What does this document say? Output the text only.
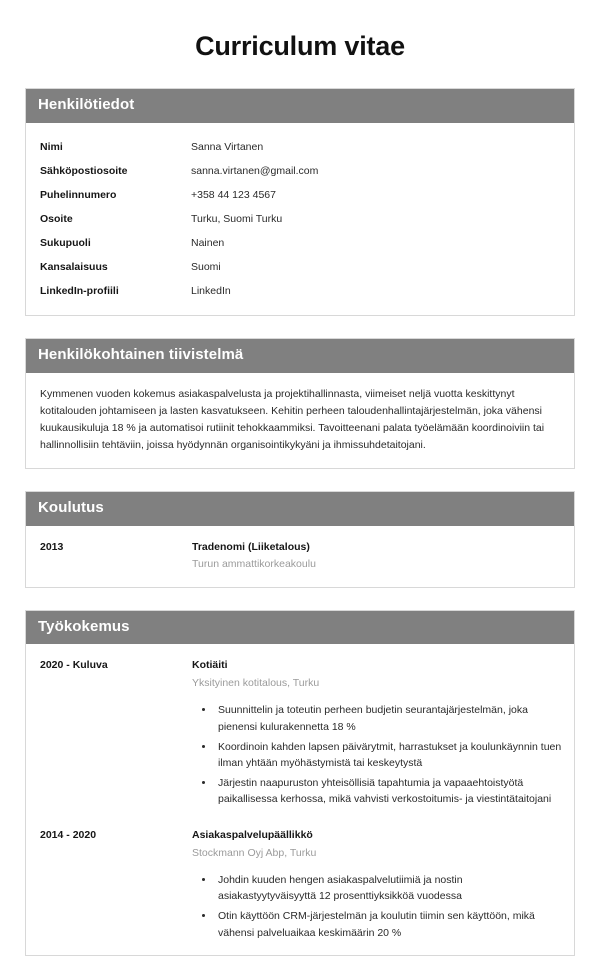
Curriculum vitae
Henkilötiedot
Nimi	Sanna Virtanen
Sähköpostiosoite	sanna.virtanen@gmail.com
Puhelinnumero	+358 44 123 4567
Osoite	Turku, Suomi Turku
Sukupuoli	Nainen
Kansalaisuus	Suomi
LinkedIn-profiili	LinkedIn
Henkilökohtainen tiivistelmä

Kymmenen vuoden kokemus asiakaspalvelusta ja projektihallinnasta, viimeiset neljä vuotta keskittynyt kotitalouden johtamiseen ja lasten kasvatukseen. Kehitin perheen taloudenhallintajärjestelmän, joka vähensi kuukausikuluja 18 % ja automatisoi rutiinit tehokkaammiksi. Tavoitteenani palata työelämään koordinoiviin tai hallinnollisiin tehtäviin, joissa hyödynnän organisointikykyäni ja ihmissuhdetaitojani.

Koulutus
2013	Tradenomi (Liiketalous)
Turun ammattikorkeakoulu
Työkokemus
2020 - Kuluva	Kotiäiti
Yksityinen kotitalous, Turku
• Suunnittelin ja toteutin perheen budjetin seurantajärjestelmän, joka pienensi kulurakennetta 18 %
• Koordinoin kahden lapsen päivärytmit, harrastukset ja koulunkäynnin tuen ilman yhtään myöhästymistä tai keskeytystä
• Järjestin naapuruston yhteisöllisiä tapahtumia ja vapaaehtoistyötä paikallisessa kerhossa, mikä vahvisti verkostoitumis- ja viestintätaitojani
2014 - 2020	Asiakaspalvelupäällikkö
Stockmann Oyj Abp, Turku
• Johdin kuuden hengen asiakaspalvelutiimiä ja nostin asiakastyytyväisyyttä 12 prosenttiyksikköä vuodessa
• Otin käyttöön CRM-järjestelmän ja koulutin tiimin sen käyttöön, mikä vähensi palveluaikaa keskimäärin 20 %
